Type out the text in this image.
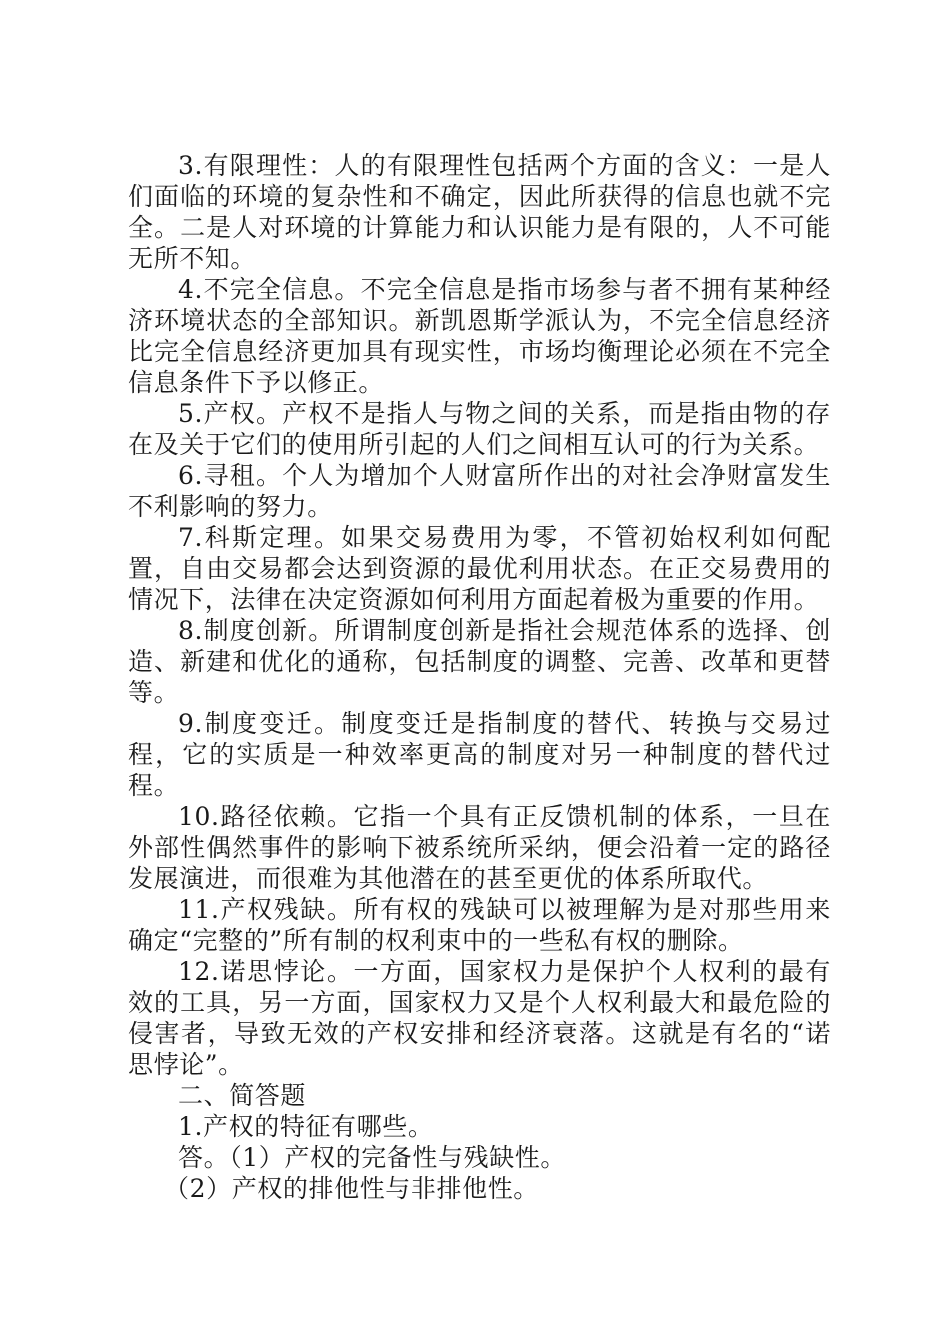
3.有限理性：人的有限理性包括两个方面的含义：一是人们面临的环境的复杂性和不确定，因此所获得的信息也就不完全。二是人对环境的计算能力和认识能力是有限的，人不可能无所不知。

4.不完全信息。不完全信息是指市场参与者不拥有某种经济环境状态的全部知识。新凯恩斯学派认为，不完全信息经济比完全信息经济更加具有现实性，市场均衡理论必须在不完全信息条件下予以修正。

5.产权。产权不是指人与物之间的关系，而是指由物的存在及关于它们的使用所引起的人们之间相互认可的行为关系。

6.寻租。个人为增加个人财富所作出的对社会净财富发生不利影响的努力。

7.科斯定理。如果交易费用为零，不管初始权利如何配置，自由交易都会达到资源的最优利用状态。在正交易费用的情况下，法律在决定资源如何利用方面起着极为重要的作用。

8.制度创新。所谓制度创新是指社会规范体系的选择、创造、新建和优化的通称，包括制度的调整、完善、改革和更替等。

9.制度变迁。制度变迁是指制度的替代、转换与交易过程，它的实质是一种效率更高的制度对另一种制度的替代过程。

10.路径依赖。它指一个具有正反馈机制的体系，一旦在外部性偶然事件的影响下被系统所采纳，便会沿着一定的路径发展演进，而很难为其他潜在的甚至更优的体系所取代。

11.产权残缺。所有权的残缺可以被理解为是对那些用来确定“完整的”所有制的权利束中的一些私有权的删除。

12.诺思悖论。一方面，国家权力是保护个人权利的最有效的工具，另一方面，国家权力又是个人权利最大和最危险的侵害者，导致无效的产权安排和经济衰落。这就是有名的“诺思悖论”。

二、简答题

1.产权的特征有哪些。

答。（1）产权的完备性与残缺性。

（2）产权的排他性与非排他性。
